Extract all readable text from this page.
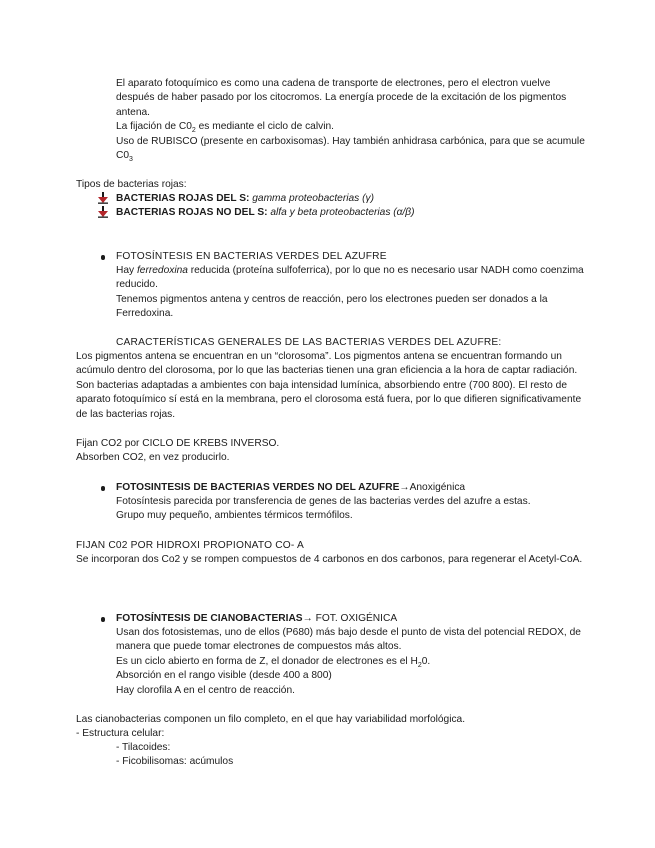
El aparato fotoquímico es como una cadena de transporte de electrones, pero el electron vuelve después de haber pasado por los citocromos. La energía procede de la excitación de los pigmentos antena.
La fijación de $C0_2$ es mediante el ciclo de calvin.
Uso de RUBISCO (presente en carboxisomas). Hay también anhidrasa carbónica, para que se acumule $C0_3$
Tipos de bacterias rojas:
BACTERIAS ROJAS DEL S: gamma proteobacterias (γ)
BACTERIAS ROJAS NO DEL S: alfa y beta proteobacterias (α/β)
FOTOSÍNTESIS EN BACTERIAS VERDES DEL AZUFRE
Hay ferredoxina reducida (proteína sulfoferrica), por lo que no es necesario usar NADH como coenzima reducido.
Tenemos pigmentos antena y centros de reacción, pero los electrones pueden ser donados a la Ferredoxina.
CARACTERÍSTICAS GENERALES DE LAS BACTERIAS VERDES DEL AZUFRE:
Los pigmentos antena se encuentran en un “clorosoma”. Los pigmentos antena se encuentran formando un acúmulo dentro del clorosoma, por lo que las bacterias tienen una gran eficiencia a la hora de captar radiación. Son bacterias adaptadas a ambientes con baja intensidad lumínica, absorbiendo entre (700 800). El resto de aparato fotoquímico sí está en la membrana, pero el clorosoma está fuera, por lo que difieren significativamente de las bacterias rojas.
Fijan CO2 por CICLO DE KREBS INVERSO.
Absorben CO2, en vez producirlo.
FOTOSINTESIS DE BACTERIAS VERDES NO DEL AZUFRE→Anoxigénica
Fotosíntesis parecida por transferencia de genes de las bacterias verdes del azufre a estas.
Grupo muy pequeño, ambientes térmicos termófilos.
FIJAN C02 POR HIDROXI PROPIONATO CO- A
Se incorporan dos Co2 y se rompen compuestos de 4 carbonos en dos carbonos, para regenerar el Acetyl-CoA.
FOTOSÍNTESIS DE CIANOBACTERIAS→ FOT. OXIGÉNICA
Usan dos fotosistemas, uno de ellos (P680) más bajo desde el punto de vista del potencial REDOX, de manera que puede tomar electrones de compuestos más altos.
Es un ciclo abierto en forma de Z, el donador de electrones es el $H_20$.
Absorción en el rango visible (desde 400 a 800)
Hay clorofila A en el centro de reacción.
Las cianobacterias componen un filo completo, en el que hay variabilidad morfológica.
- Estructura celular:
- Tilacoides:
- Ficobilisomas: acúmulos
